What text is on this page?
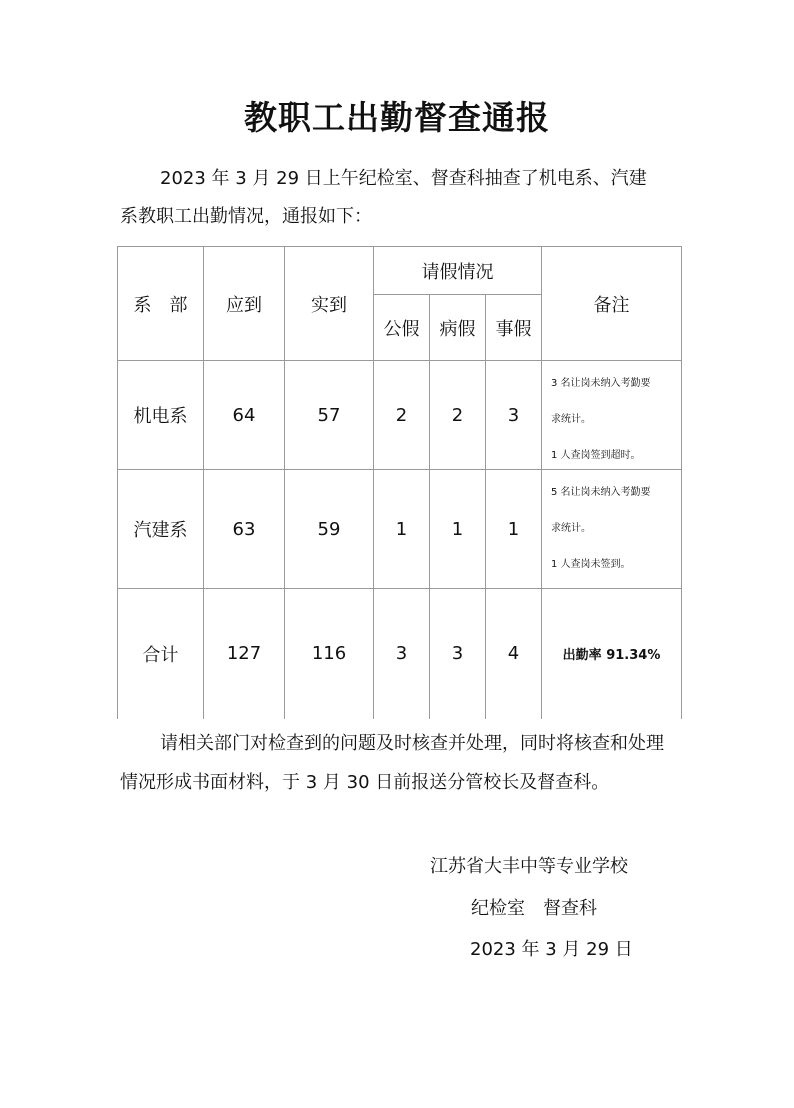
教职工出勤督查通报
2023 年 3 月 29 日上午纪检室、督查科抽查了机电系、汽建
系教职工出勤情况，通报如下：
系　部	应到	实到	请假情况			备注
			公假	病假	事假	
机电系	64	57	2	2	3	3 名让岗未纳入考勤要
求统计。
1 人查岗签到超时。

汽建系	63	59	1	1	1	5 名让岗未纳入考勤要
求统计。
1 人查岗未签到。

合计	127	116	3	3	4	出勤率 91.34%
请相关部门对检查到的问题及时核查并处理，同时将核查和处理
情况形成书面材料，于 3 月 30 日前报送分管校长及督查科。
江苏省大丰中等专业学校
纪检室　督查科
2023 年 3 月 29 日
